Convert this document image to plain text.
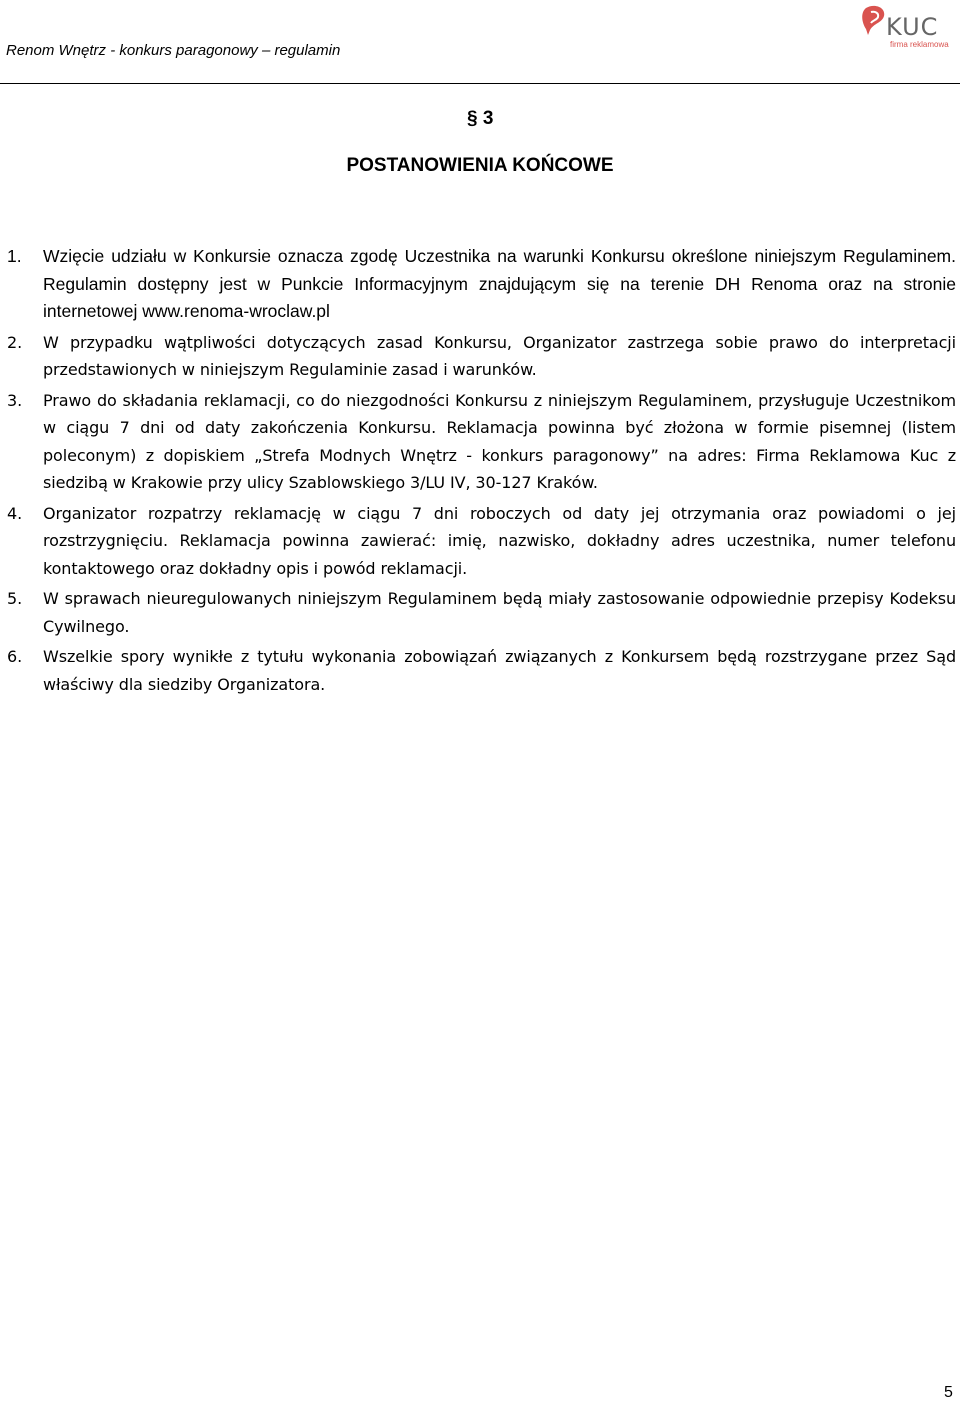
Renom Wnętrz - konkurs paragonowy – regulamin
KUC
firma reklamowa
§ 3
POSTANOWIENIA KOŃCOWE
1. Wzięcie udziału w Konkursie oznacza zgodę Uczestnika na warunki Konkursu określone niniejszym Regulaminem. Regulamin dostępny jest w Punkcie Informacyjnym znajdującym się na terenie DH Renoma oraz na stronie internetowej www.renoma-wroclaw.pl
2. W przypadku wątpliwości dotyczących zasad Konkursu, Organizator zastrzega sobie prawo do interpretacji przedstawionych w niniejszym Regulaminie zasad i warunków.
3. Prawo do składania reklamacji, co do niezgodności Konkursu z niniejszym Regulaminem, przysługuje Uczestnikom w ciągu 7 dni od daty zakończenia Konkursu. Reklamacja powinna być złożona w formie pisemnej (listem poleconym) z dopiskiem „Strefa Modnych Wnętrz - konkurs paragonowy” na adres: Firma Reklamowa Kuc z siedzibą w Krakowie przy ulicy Szablowskiego 3/LU IV, 30-127 Kraków.
4. Organizator rozpatrzy reklamację w ciągu 7 dni roboczych od daty jej otrzymania oraz powiadomi o jej rozstrzygnięciu. Reklamacja powinna zawierać: imię, nazwisko, dokładny adres uczestnika, numer telefonu kontaktowego oraz dokładny opis i powód reklamacji.
5. W sprawach nieuregulowanych niniejszym Regulaminem będą miały zastosowanie odpowiednie przepisy Kodeksu Cywilnego.
6. Wszelkie spory wynikłe z tytułu wykonania zobowiązań związanych z Konkursem będą rozstrzygane przez Sąd właściwy dla siedziby Organizatora.
5
